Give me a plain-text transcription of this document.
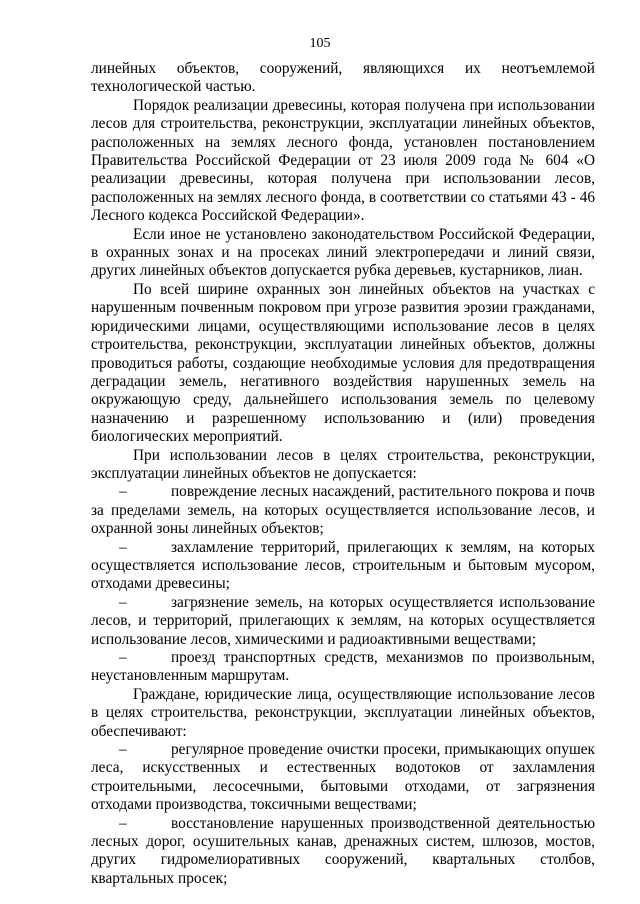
105

линейных объектов, сооружений, являющихся их неотъемлемой технологической частью.

Порядок реализации древесины, которая получена при использовании лесов для строительства, реконструкции, эксплуатации линейных объектов, расположенных на землях лесного фонда, установлен постановлением Правительства Российской Федерации от 23 июля 2009 года № 604 «О реализации древесины, которая получена при использовании лесов, расположенных на землях лесного фонда, в соответствии со статьями 43 - 46 Лесного кодекса Российской Федерации».

Если иное не установлено законодательством Российской Федерации, в охранных зонах и на просеках линий электропередачи и линий связи, других линейных объектов допускается рубка деревьев, кустарников, лиан.

По всей ширине охранных зон линейных объектов на участках с нарушенным почвенным покровом при угрозе развития эрозии гражданами, юридическими лицами, осуществляющими использование лесов в целях строительства, реконструкции, эксплуатации линейных объектов, должны проводиться работы, создающие необходимые условия для предотвращения деградации земель, негативного воздействия нарушенных земель на окружающую среду, дальнейшего использования земель по целевому назначению и разрешенному использованию и (или) проведения биологических мероприятий.

При использовании лесов в целях строительства, реконструкции, эксплуатации линейных объектов не допускается:

–	повреждение лесных насаждений, растительного покрова и почв за пределами земель, на которых осуществляется использование лесов, и охранной зоны линейных объектов;

–	захламление территорий, прилегающих к землям, на которых осуществляется использование лесов, строительным и бытовым мусором, отходами древесины;

–	загрязнение земель, на которых осуществляется использование лесов, и территорий, прилегающих к землям, на которых осуществляется использование лесов, химическими и радиоактивными веществами;

–	проезд транспортных средств, механизмов по произвольным, неустановленным маршрутам.

Граждане, юридические лица, осуществляющие использование лесов в целях строительства, реконструкции, эксплуатации линейных объектов, обеспечивают:

–	регулярное проведение очистки просеки, примыкающих опушек леса, искусственных и естественных водотоков от захламления строительными, лесосечными, бытовыми отходами, от загрязнения отходами производства, токсичными веществами;

–	восстановление нарушенных производственной деятельностью лесных дорог, осушительных канав, дренажных систем, шлюзов, мостов, других гидромелиоративных сооружений, квартальных столбов, квартальных просек;
